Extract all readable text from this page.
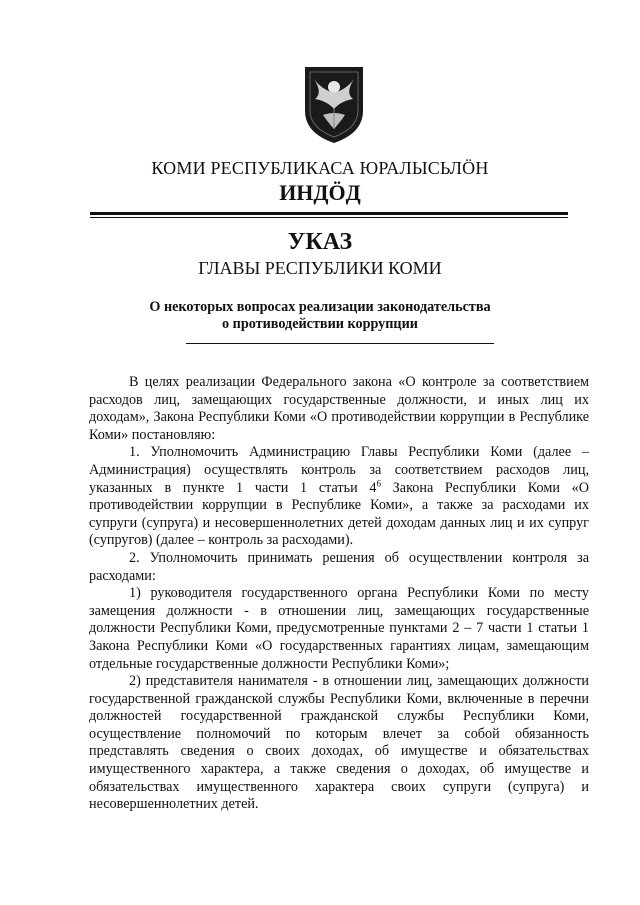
КОМИ РЕСПУБЛИКАСА ЮРАЛЫСЬЛÖН
ИНДÖД
УКАЗ
ГЛАВЫ РЕСПУБЛИКИ КОМИ
О некоторых вопросах реализации законодательства
о противодействии коррупции

В целях реализации Федерального закона «О контроле за соответствием расходов лиц, замещающих государственные должности, и иных лиц их доходам», Закона Республики Коми «О противодействии коррупции в Республике Коми» постановляю:

1. Уполномочить Администрацию Главы Республики Коми (далее – Администрация) осуществлять контроль за соответствием расходов лиц, указанных в пункте 1 части 1 статьи $4^6$ Закона Республики Коми «О противодействии коррупции в Республике Коми», а также за расходами их супруги (супруга) и несовершеннолетних детей доходам данных лиц и их супруг (супругов) (далее – контроль за расходами).

2. Уполномочить принимать решения об осуществлении контроля за расходами:

1) руководителя государственного органа Республики Коми по месту замещения должности - в отношении лиц, замещающих государственные должности Республики Коми, предусмотренные пунктами 2 – 7 части 1 статьи 1 Закона Республики Коми «О государственных гарантиях лицам, замещающим отдельные государственные должности Республики Коми»;

2) представителя нанимателя - в отношении лиц, замещающих должности государственной гражданской службы Республики Коми, включенные в перечни должностей государственной гражданской службы Республики Коми, осуществление полномочий по которым влечет за собой обязанность представлять сведения о своих доходах, об имуществе и обязательствах имущественного характера, а также сведения о доходах, об имуществе и обязательствах имущественного характера своих супруги (супруга) и несовершеннолетних детей.
